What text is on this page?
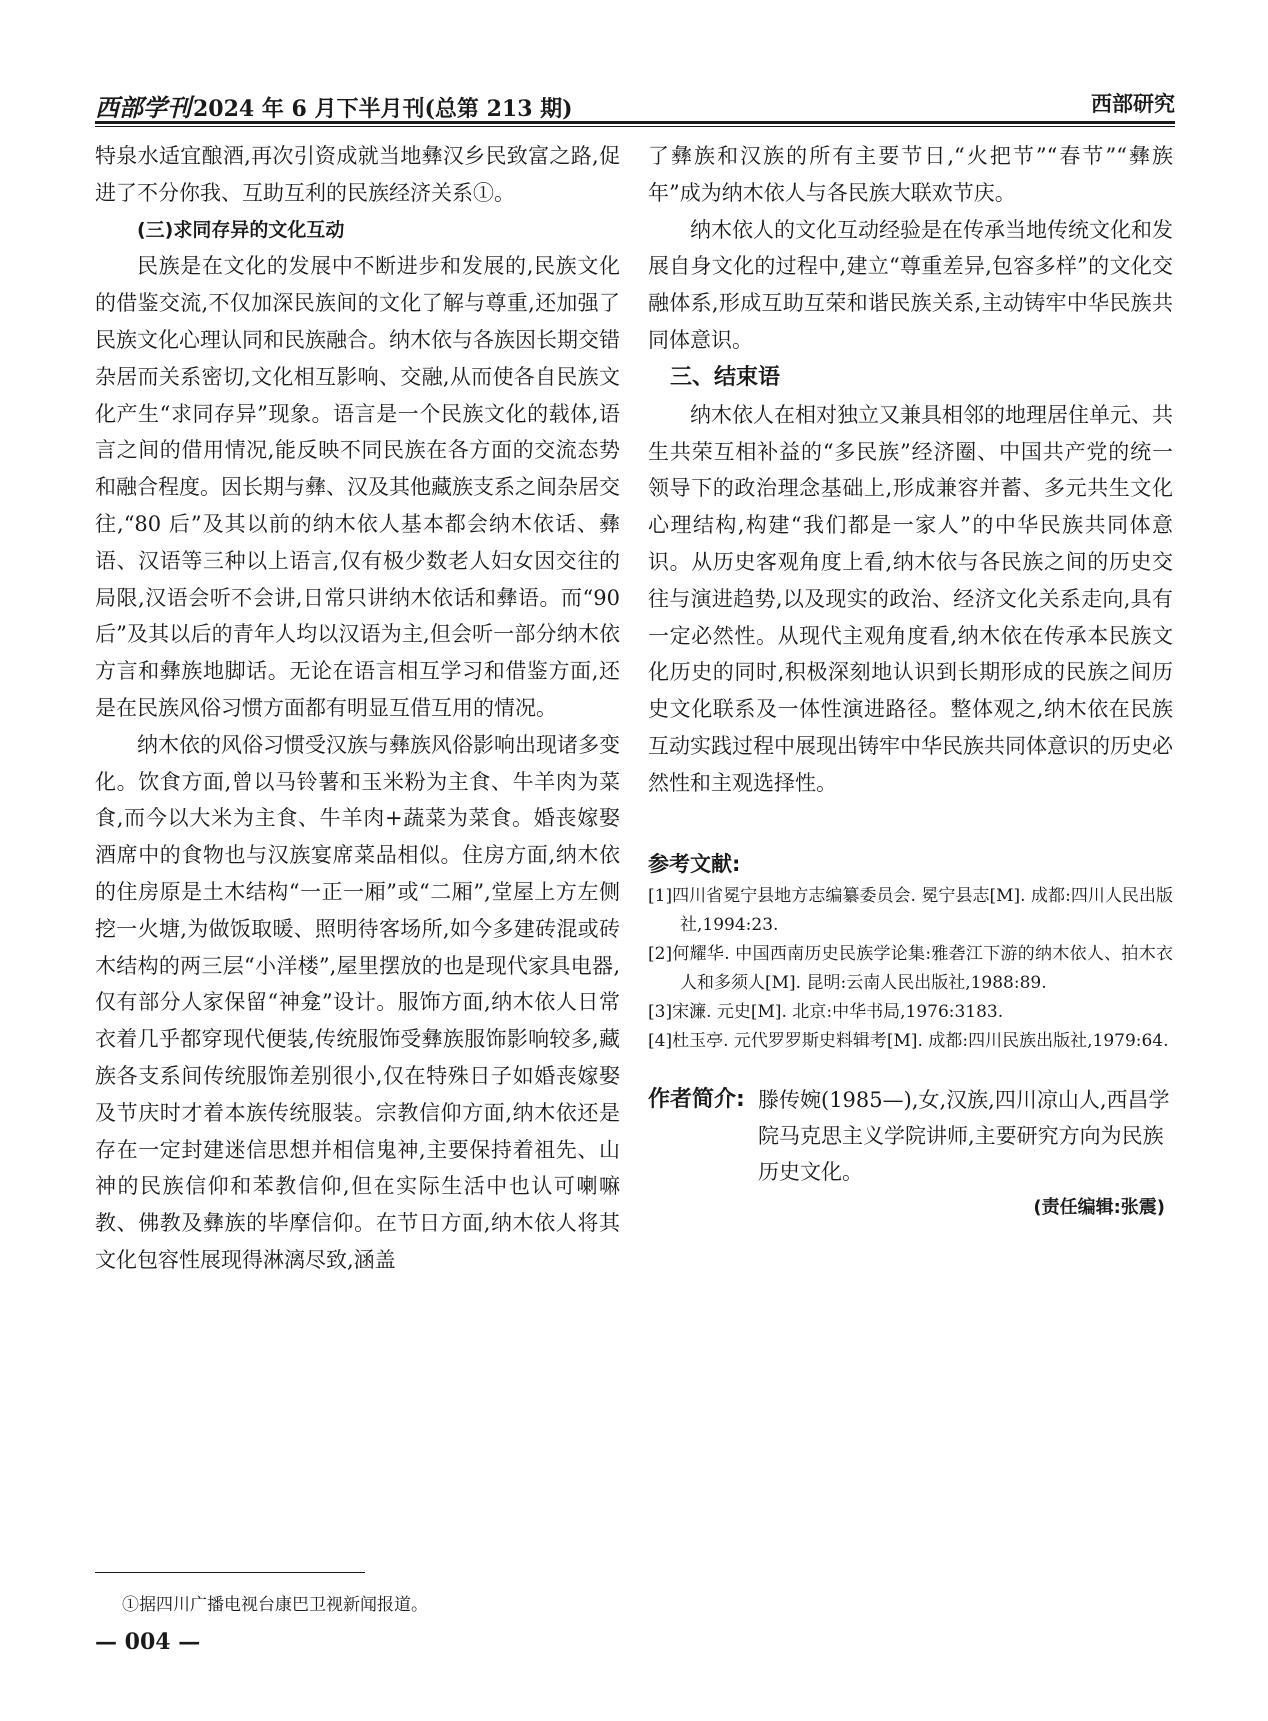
西部学刊2024 年 6 月下半月刊(总第 213 期)	西部研究

特泉水适宜酿酒,再次引资成就当地彝汉乡民致富之路,促进了不分你我、互助互利的民族经济关系①。

(三)求同存异的文化互动

民族是在文化的发展中不断进步和发展的,民族文化的借鉴交流,不仅加深民族间的文化了解与尊重,还加强了民族文化心理认同和民族融合。纳木依与各族因长期交错杂居而关系密切,文化相互影响、交融,从而使各自民族文化产生“求同存异”现象。语言是一个民族文化的载体,语言之间的借用情况,能反映不同民族在各方面的交流态势和融合程度。因长期与彝、汉及其他藏族支系之间杂居交往,“80 后”及其以前的纳木依人基本都会纳木依话、彝语、汉语等三种以上语言,仅有极少数老人妇女因交往的局限,汉语会听不会讲,日常只讲纳木依话和彝语。而“90 后”及其以后的青年人均以汉语为主,但会听一部分纳木依方言和彝族地脚话。无论在语言相互学习和借鉴方面,还是在民族风俗习惯方面都有明显互借互用的情况。

纳木依的风俗习惯受汉族与彝族风俗影响出现诸多变化。饮食方面,曾以马铃薯和玉米粉为主食、牛羊肉为菜食,而今以大米为主食、牛羊肉+蔬菜为菜食。婚丧嫁娶酒席中的食物也与汉族宴席菜品相似。住房方面,纳木依的住房原是土木结构“一正一厢”或“二厢”,堂屋上方左侧挖一火塘,为做饭取暖、照明待客场所,如今多建砖混或砖木结构的两三层“小洋楼”,屋里摆放的也是现代家具电器,仅有部分人家保留“神龛”设计。服饰方面,纳木依人日常衣着几乎都穿现代便装,传统服饰受彝族服饰影响较多,藏族各支系间传统服饰差别很小,仅在特殊日子如婚丧嫁娶及节庆时才着本族传统服装。宗教信仰方面,纳木依还是存在一定封建迷信思想并相信鬼神,主要保持着祖先、山神的民族信仰和苯教信仰,但在实际生活中也认可喇嘛教、佛教及彝族的毕摩信仰。在节日方面,纳木依人将其文化包容性展现得淋漓尽致,涵盖

了彝族和汉族的所有主要节日,“火把节”“春节”“彝族年”成为纳木依人与各民族大联欢节庆。

纳木依人的文化互动经验是在传承当地传统文化和发展自身文化的过程中,建立“尊重差异,包容多样”的文化交融体系,形成互助互荣和谐民族关系,主动铸牢中华民族共同体意识。

三、结束语

纳木依人在相对独立又兼具相邻的地理居住单元、共生共荣互相补益的“多民族”经济圈、中国共产党的统一领导下的政治理念基础上,形成兼容并蓄、多元共生文化心理结构,构建“我们都是一家人”的中华民族共同体意识。从历史客观角度上看,纳木依与各民族之间的历史交往与演进趋势,以及现实的政治、经济文化关系走向,具有一定必然性。从现代主观角度看,纳木依在传承本民族文化历史的同时,积极深刻地认识到长期形成的民族之间历史文化联系及一体性演进路径。整体观之,纳木依在民族互动实践过程中展现出铸牢中华民族共同体意识的历史必然性和主观选择性。

参考文献:
[1]四川省冕宁县地方志编纂委员会. 冕宁县志[M]. 成都:四川人民出版社,1994:23.
[2]何耀华. 中国西南历史民族学论集:雅砻江下游的纳木依人、拍木衣人和多须人[M]. 昆明:云南人民出版社,1988:89.
[3]宋濂. 元史[M]. 北京:中华书局,1976:3183.
[4]杜玉亭. 元代罗罗斯史料辑考[M]. 成都:四川民族出版社,1979:64.
作者简介: 滕传婉(1985—),女,汉族,四川凉山人,西昌学院马克思主义学院讲师,主要研究方向为民族历史文化。
(责任编辑:张震)
①据四川广播电视台康巴卫视新闻报道。
— 004 —
